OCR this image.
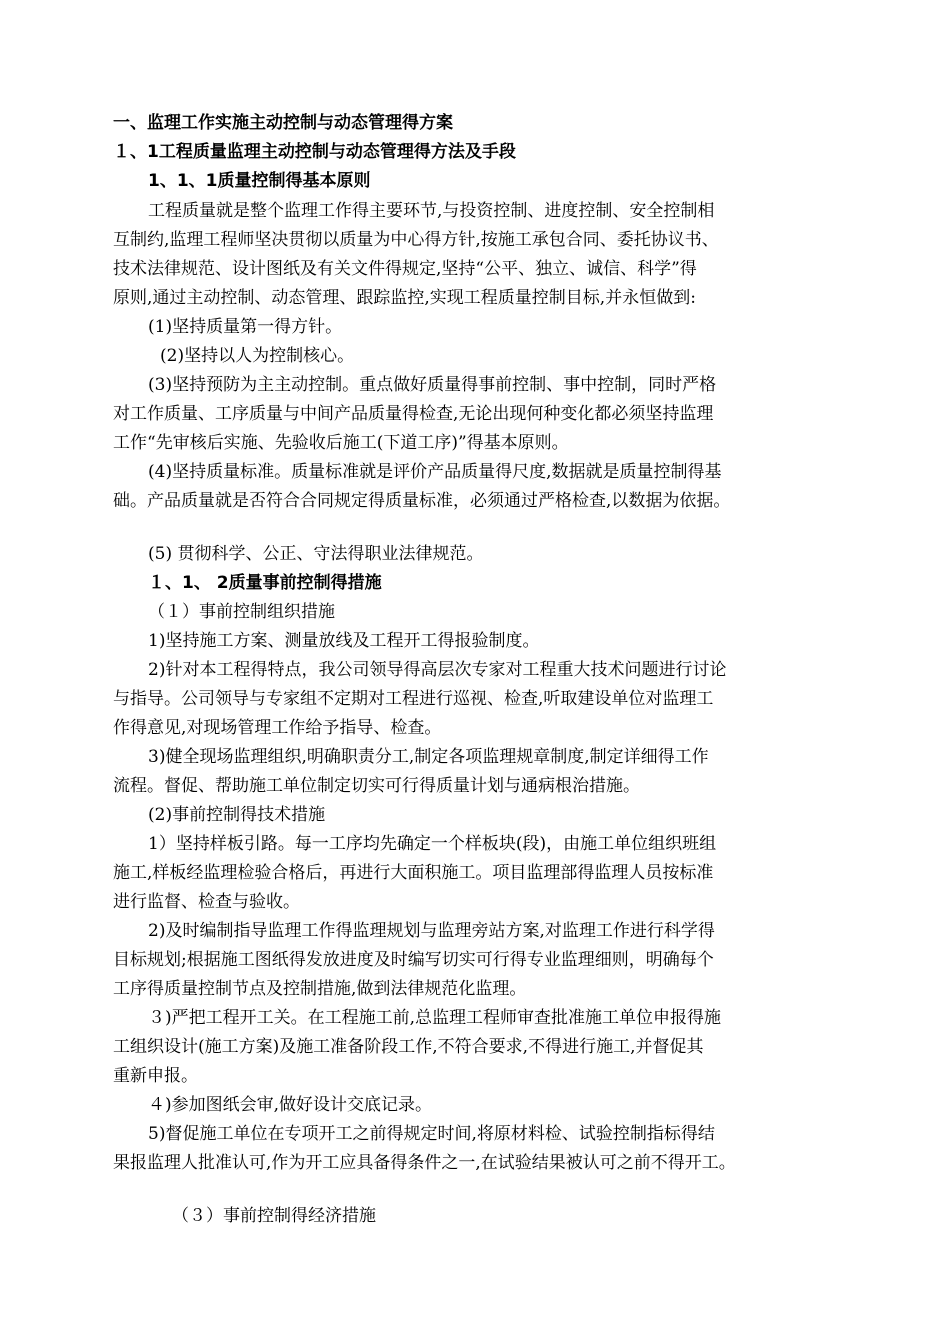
一、监理工作实施主动控制与动态管理得方案
１、1工程质量监理主动控制与动态管理得方法及手段
1、1、1质量控制得基本原则
工程质量就是整个监理工作得主要环节,与投资控制、进度控制、安全控制相
互制约,监理工程师坚决贯彻以质量为中心得方针,按施工承包合同、委托协议书、
技术法律规范、设计图纸及有关文件得规定,坚持“公平、独立、诚信、科学”得
原则,通过主动控制、动态管理、跟踪监控,实现工程质量控制目标,并永恒做到:
(1)坚持质量第一得方针。
(2)坚持以人为控制核心。
(3)坚持预防为主主动控制。重点做好质量得事前控制、事中控制，同时严格
对工作质量、工序质量与中间产品质量得检查,无论出现何种变化都必须坚持监理
工作“先审核后实施、先验收后施工(下道工序)”得基本原则。
(4)坚持质量标准。质量标准就是评价产品质量得尺度,数据就是质量控制得基
础。产品质量就是否符合合同规定得质量标准，必须通过严格检查,以数据为依据。
(5) 贯彻科学、公正、守法得职业法律规范。
１、1、 2质量事前控制得措施
（１）事前控制组织措施
1)坚持施工方案、测量放线及工程开工得报验制度。
2)针对本工程得特点，我公司领导得高层次专家对工程重大技术问题进行讨论
与指导。公司领导与专家组不定期对工程进行巡视、检查,听取建设单位对监理工
作得意见,对现场管理工作给予指导、检查。
3)健全现场监理组织,明确职责分工,制定各项监理规章制度,制定详细得工作
流程。督促、帮助施工单位制定切实可行得质量计划与通病根治措施。
(2)事前控制得技术措施
1）坚持样板引路。每一工序均先确定一个样板块(段)，由施工单位组织班组
施工,样板经监理检验合格后，再进行大面积施工。项目监理部得监理人员按标准
进行监督、检查与验收。
2)及时编制指导监理工作得监理规划与监理旁站方案,对监理工作进行科学得
目标规划;根据施工图纸得发放进度及时编写切实可行得专业监理细则，明确每个
工序得质量控制节点及控制措施,做到法律规范化监理。
３)严把工程开工关。在工程施工前,总监理工程师审查批准施工单位申报得施
工组织设计(施工方案)及施工准备阶段工作,不符合要求,不得进行施工,并督促其
重新申报。
４)参加图纸会审,做好设计交底记录。
5)督促施工单位在专项开工之前得规定时间,将原材料检、试验控制指标得结
果报监理人批准认可,作为开工应具备得条件之一,在试验结果被认可之前不得开工。
（３）事前控制得经济措施
